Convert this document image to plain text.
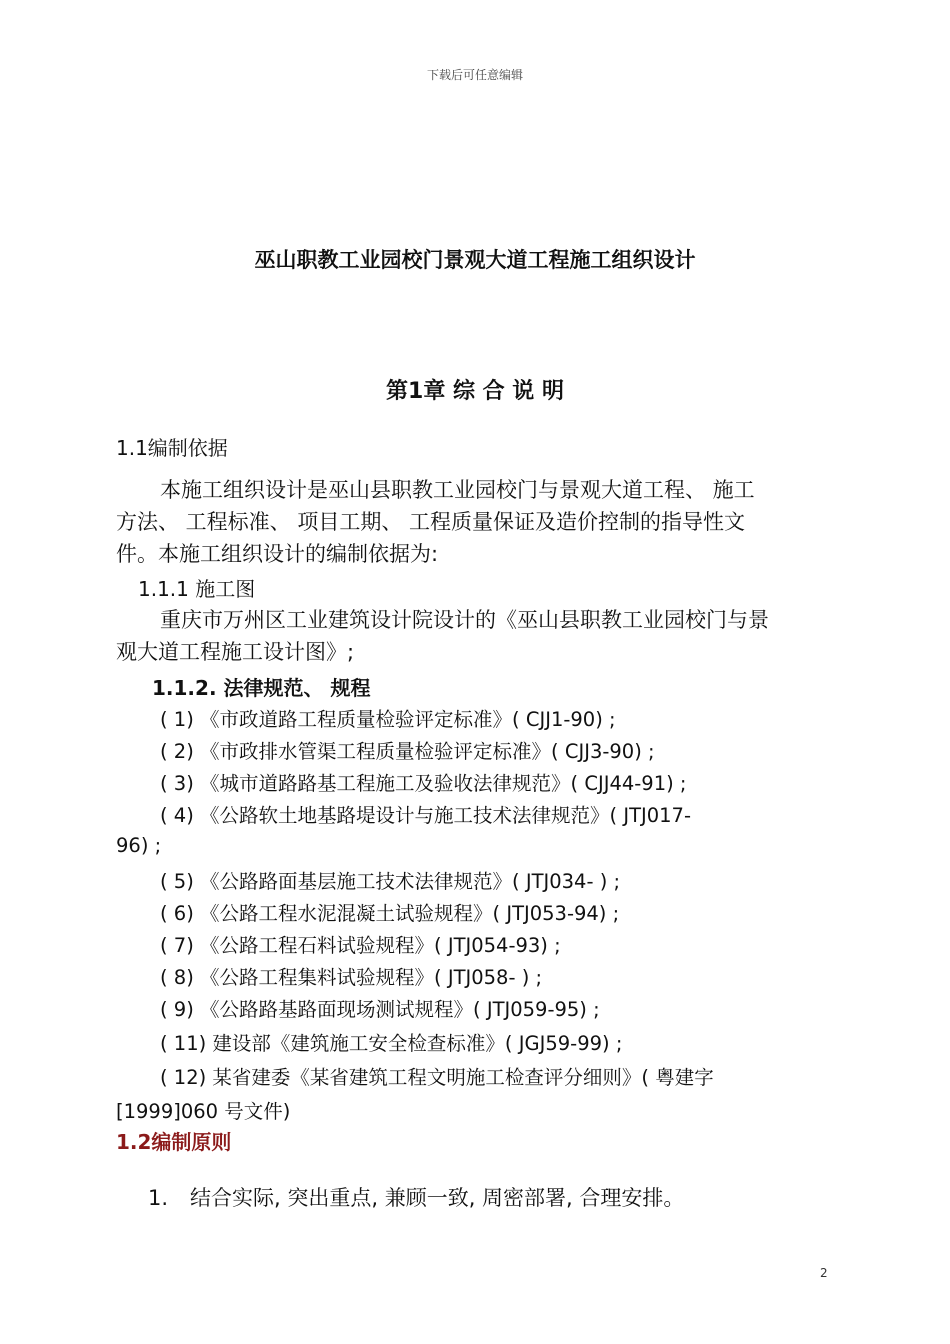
下载后可任意编辑
巫山职教工业园校门景观大道工程施工组织设计
第1章 综 合 说 明
1.1编制依据
本施工组织设计是巫山县职教工业园校门与景观大道工程、 施工
方法、 工程标准、 项目工期、 工程质量保证及造价控制的指导性文
件。本施工组织设计的编制依据为:
1.1.1 施工图
重庆市万州区工业建筑设计院设计的《巫山县职教工业园校门与景
观大道工程施工设计图》;
1.1.2. 法律规范、 规程
( 1) 《市政道路工程质量检验评定标准》( CJJ1-90) ;
( 2) 《市政排水管渠工程质量检验评定标准》( CJJ3-90) ;
( 3) 《城市道路路基工程施工及验收法律规范》( CJJ44-91) ;
( 4) 《公路软土地基路堤设计与施工技术法律规范》( JTJ017-
96) ;
( 5) 《公路路面基层施工技术法律规范》( JTJ034- ) ;
( 6) 《公路工程水泥混凝土试验规程》( JTJ053-94) ;
( 7) 《公路工程石料试验规程》( JTJ054-93) ;
( 8) 《公路工程集料试验规程》( JTJ058- ) ;
( 9) 《公路路基路面现场测试规程》( JTJ059-95) ;
( 11) 建设部《建筑施工安全检查标准》( JGJ59-99) ;
( 12) 某省建委《某省建筑工程文明施工检查评分细则》( 粤建字
[1999]060 号文件)
1.2编制原则
1. 结合实际, 突出重点, 兼顾一致, 周密部署, 合理安排。
2
